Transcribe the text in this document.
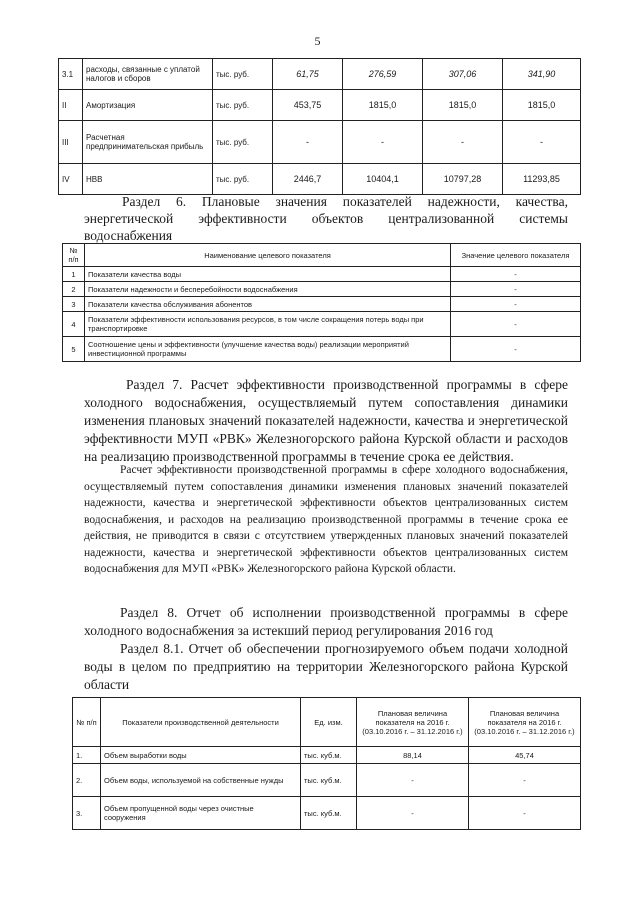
5
3.1	расходы, связанные с уплатой налогов и сборов	тыс. руб.	61,75	276,59	307,06	341,90
II	Амортизация	тыс. руб.	453,75	1815,0	1815,0	1815,0
III	Расчетная предпринимательская прибыль	тыс. руб.	-	-	-	-
IV	НВВ	тыс. руб.	2446,7	10404,1	10797,28	11293,85
Раздел 6. Плановые значения показателей надежности, качества,
энергетической эффективности объектов централизованной системы
водоснабжения
№ п/п	Наименование целевого показателя	Значение целевого показателя
1	Показатели качества воды	-
2	Показатели надежности и бесперебойности водоснабжения	-
3	Показатели качества обслуживания абонентов	-
4	Показатели эффективности использования ресурсов, в том числе сокращения потерь воды при транспортировке	-
5	Соотношение цены и эффективности (улучшение качества воды) реализации мероприятий инвестиционной программы	-
Раздел 7. Расчет эффективности производственной программы в сфере холодного водоснабжения, осуществляемый путем сопоставления динамики изменения плановых значений показателей надежности, качества и энергетической эффективности МУП «РВК» Железногорского района Курской области и расходов на реализацию производственной программы в течение срока ее действия.
Расчет эффективности производственной программы в сфере холодного водоснабжения, осуществляемый путем сопоставления динамики изменения плановых значений показателей надежности, качества и энергетической эффективности объектов централизованных систем водоснабжения, и расходов на реализацию производственной программы в течение срока ее действия, не приводится в связи с отсутствием утвержденных плановых значений показателей надежности, качества и энергетической эффективности объектов централизованных систем водоснабжения для МУП «РВК» Железногорского района Курской области.
Раздел 8. Отчет об исполнении производственной программы в сфере холодного водоснабжения за истекший период регулирования 2016 год
Раздел 8.1. Отчет об обеспечении прогнозируемого объем подачи холодной воды в целом по предприятию на территории Железногорского района Курской области
№ п/п	Показатели производственной деятельности	Ед. изм.	Плановая величина показателя на 2016 г. (03.10.2016 г. – 31.12.2016 г.)	Плановая величина показателя на 2016 г. (03.10.2016 г. – 31.12.2016 г.)
1.	Объем выработки воды	тыс. куб.м.	88,14	45,74
2.	Объем воды, используемой на собственные нужды	тыс. куб.м.	-	-
3.	Объем пропущенной воды через очистные сооружения	тыс. куб.м.	-	-
